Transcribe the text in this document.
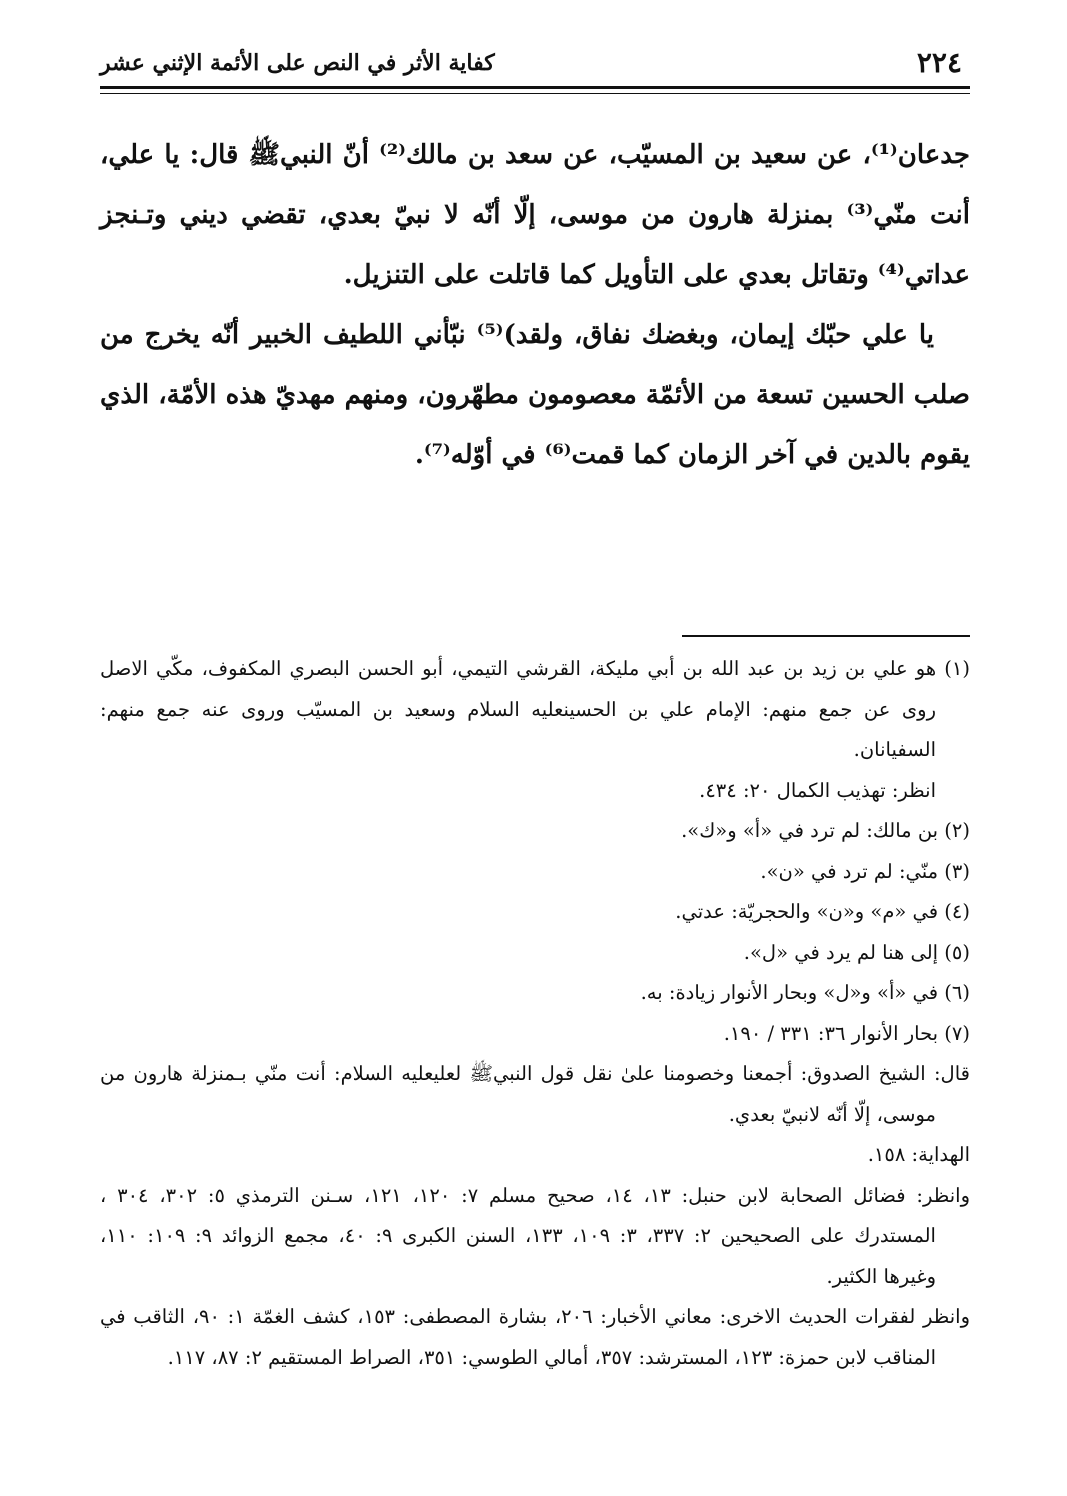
٢٢٤
كفاية الأثر في النص على الأئمة الإثني عشر

جدعان⁽¹⁾، عن سعيد بن المسيّب، عن سعد بن مالك⁽²⁾ أنّ النبيﷺ قال: يا علي، أنت منّي⁽³⁾ بمنزلة هارون من موسى، إلّا أنّه لا نبيّ بعدي، تقضي ديني وتـنجز عداتي⁽⁴⁾ وتقاتل بعدي على التأويل كما قاتلت على التنزيل.

يا علي حبّك إيمان، وبغضك نفاق، ولقد)⁽⁵⁾ نبّأني اللطيف الخبير أنّه يخرج من صلب الحسين تسعة من الأئمّة معصومون مطهّرون، ومنهم مهديّ هذه الأمّة، الذي يقوم بالدين في آخر الزمان كما قمت⁽⁶⁾ في أوّله⁽⁷⁾.

(١) هو علي بن زيد بن عبد الله بن أبي مليكة، القرشي التيمي، أبو الحسن البصري المكفوف، مكّي الاصل روى عن جمع منهم: الإمام علي بن الحسينعليه السلام وسعيد بن المسيّب وروى عنه جمع منهم: السفيانان.

انظر: تهذيب الكمال ٢٠: ٤٣٤.

(٢) بن مالك: لم ترد في «أ» و«ك».

(٣) منّي: لم ترد في «ن».

(٤) في «م» و«ن» والحجريّة: عدتي.

(٥) إلى هنا لم يرد في «ل».

(٦) في «أ» و«ل» وبحار الأنوار زيادة: به.

(٧) بحار الأنوار ٣٦: ٣٣١ / ١٩٠.

قال: الشيخ الصدوق: أجمعنا وخصومنا علىٰ نقل قول النبيﷺ لعليعليه السلام: أنت منّي بـمنزلة هارون من موسى، إلّا أنّه لانبيّ بعدي.

الهداية: ١٥٨.

وانظر: فضائل الصحابة لابن حنبل: ١٣، ١٤، صحيح مسلم ٧: ١٢٠، ١٢١، سـنن الترمذي ٥: ٣٠٢، ٣٠٤ ، المستدرك على الصحيحين ٢: ٣٣٧، ٣: ١٠٩، ١٣٣، السنن الكبرى ٩: ٤٠، مجمع الزوائد ٩: ١٠٩: ١١٠، وغيرها الكثير.

وانظر لفقرات الحديث الاخرى: معاني الأخبار: ٢٠٦، بشارة المصطفى: ١٥٣، كشف الغمّة ١: ٩٠، الثاقب في المناقب لابن حمزة: ١٢٣، المسترشد: ٣٥٧، أمالي الطوسي: ٣٥١، الصراط المستقيم ٢: ٨٧، ١١٧.
